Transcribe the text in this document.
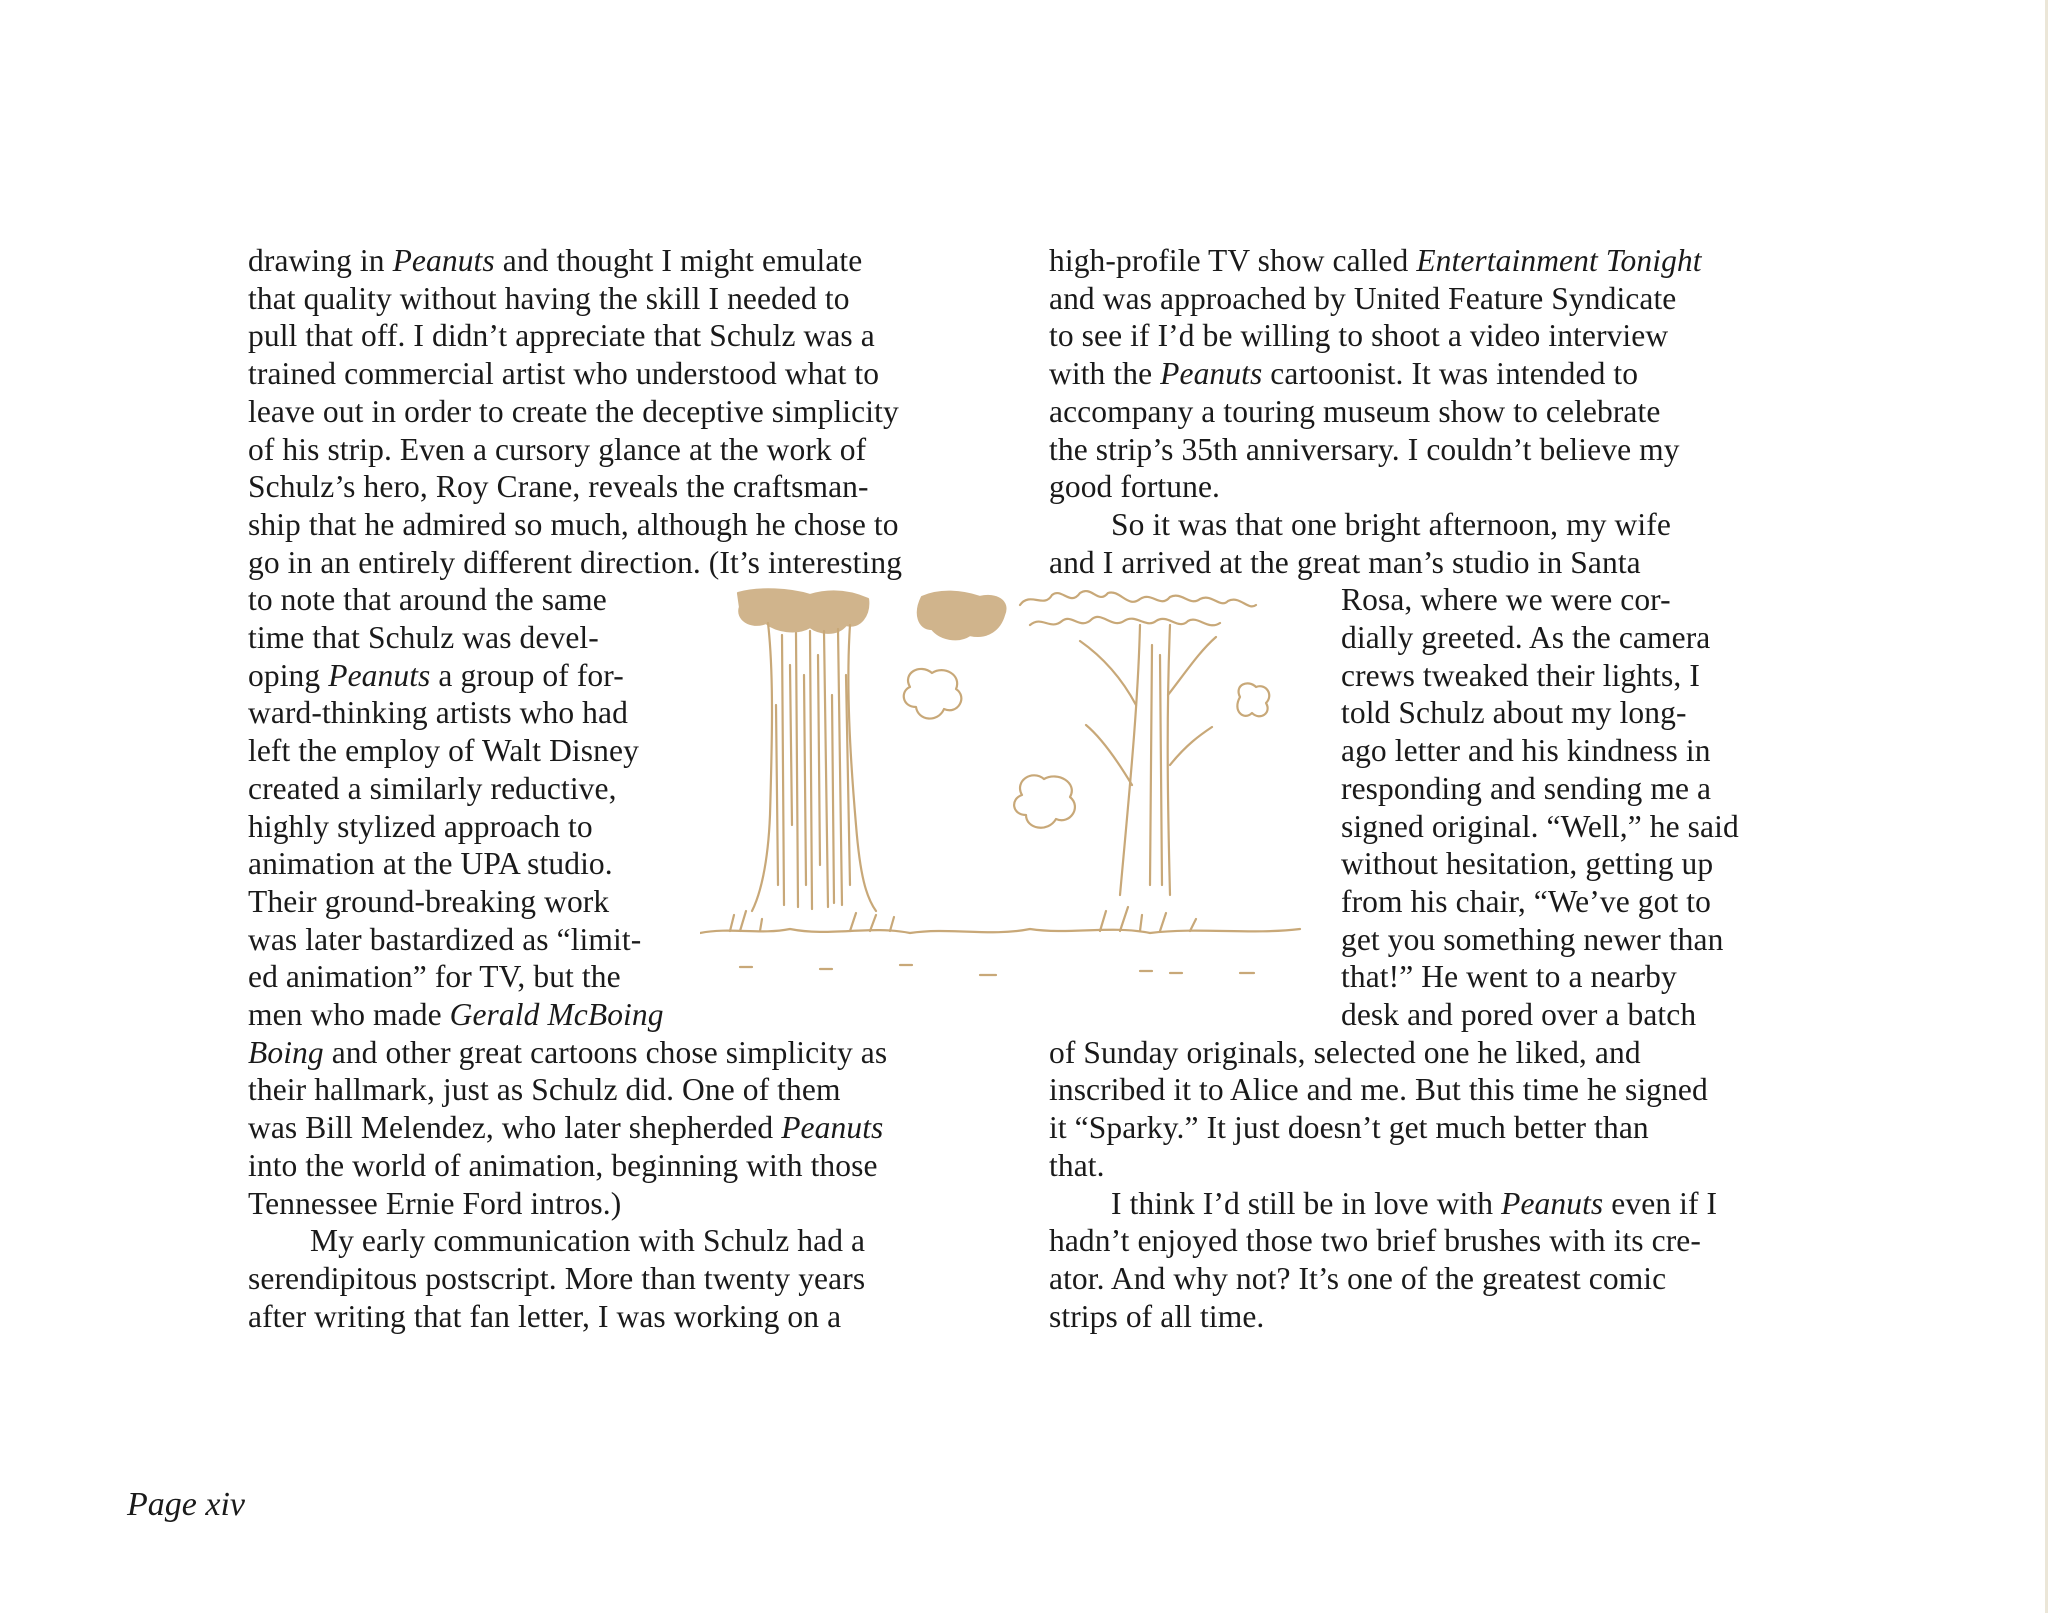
drawing in Peanuts and thought I might emulate
that quality without having the skill I needed to
pull that off. I didn’t appreciate that Schulz was a
trained commercial artist who understood what to
leave out in order to create the deceptive simplicity
of his strip. Even a cursory glance at the work of
Schulz’s hero, Roy Crane, reveals the craftsman-
ship that he admired so much, although he chose to
go in an entirely different direction. (It’s interesting
to note that around the same
time that Schulz was devel-
oping Peanuts a group of for-
ward-thinking artists who had
left the employ of Walt Disney
created a similarly reductive,
highly stylized approach to
animation at the UPA studio.
Their ground-breaking work
was later bastardized as “limit-
ed animation” for TV, but the
men who made Gerald McBoing
Boing and other great cartoons chose simplicity as
their hallmark, just as Schulz did. One of them
was Bill Melendez, who later shepherded Peanuts
into the world of animation, beginning with those
Tennessee Ernie Ford intros.)
My early communication with Schulz had a
serendipitous postscript. More than twenty years
after writing that fan letter, I was working on a
high-profile TV show called Entertainment Tonight
and was approached by United Feature Syndicate
to see if I’d be willing to shoot a video interview
with the Peanuts cartoonist. It was intended to
accompany a touring museum show to celebrate
the strip’s 35th anniversary. I couldn’t believe my
good fortune.
So it was that one bright afternoon, my wife
and I arrived at the great man’s studio in Santa
Rosa, where we were cor-
dially greeted. As the camera
crews tweaked their lights, I
told Schulz about my long-
ago letter and his kindness in
responding and sending me a
signed original. “Well,” he said
without hesitation, getting up
from his chair, “We’ve got to
get you something newer than
that!” He went to a nearby
desk and pored over a batch
of Sunday originals, selected one he liked, and
inscribed it to Alice and me. But this time he signed
it “Sparky.” It just doesn’t get much better than
that.
I think I’d still be in love with Peanuts even if I
hadn’t enjoyed those two brief brushes with its cre-
ator. And why not? It’s one of the greatest comic
strips of all time.
Page xiv
